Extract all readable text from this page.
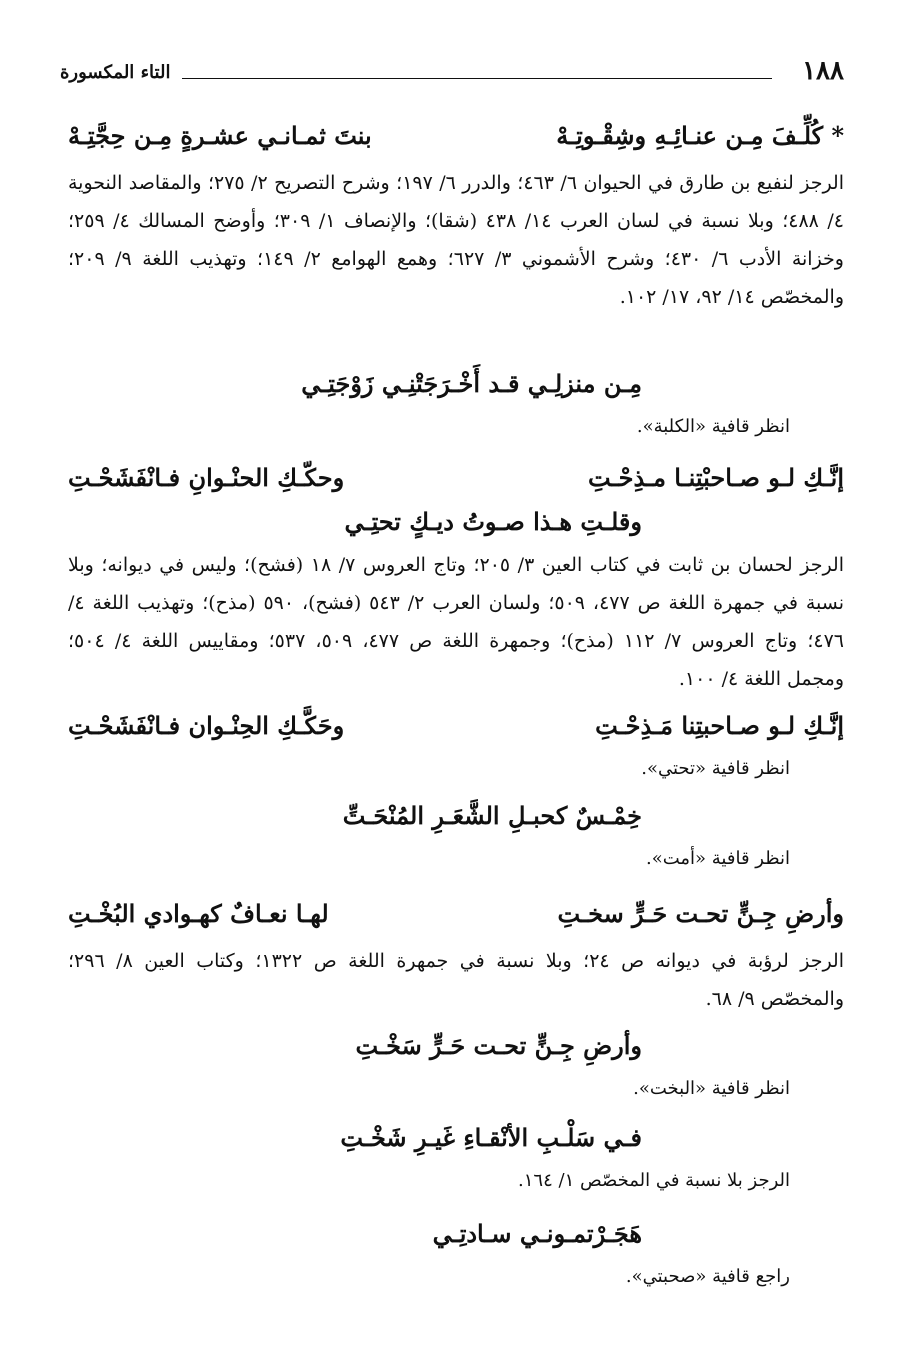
١٨٨
التاء المكسورة
* كُلِّـفَ مِـن عنـائِـهِ وشِقْـوتِـهْ
بنتَ ثمـانـي عشـرةٍ مِـن حِجَّتِـهْ
الرجز لنفيع بن طارق في الحيوان ٦/ ٤٦٣؛ والدرر ٦/ ١٩٧؛ وشرح التصريح ٢/ ٢٧٥؛ والمقاصد النحوية ٤/ ٤٨٨؛ وبلا نسبة في لسان العرب ١٤/ ٤٣٨ (شقا)؛ والإنصاف ١/ ٣٠٩؛ وأوضح المسالك ٤/ ٢٥٩؛ وخزانة الأدب ٦/ ٤٣٠؛ وشرح الأشموني ٣/ ٦٢٧؛ وهمع الهوامع ٢/ ١٤٩؛ وتهذيب اللغة ٩/ ٢٠٩؛ والمخصّص ١٤/ ٩٢، ١٧/ ١٠٢.
مِـن منزلِـي قـد أَخْـرَجَتْنِـي زَوْجَتِـي
انظر قافية «الكلبة».
إنَّـكِ لـو صـاحبْتِنـا مـذِحْـتِ
وحكّـكِ الحنْـوانِ فـانْفَشَحْـتِ
وقلـتِ هـذا صـوتُ ديـكٍ تحتِـي
الرجز لحسان بن ثابت في كتاب العين ٣/ ٢٠٥؛ وتاج العروس ٧/ ١٨ (فشح)؛ وليس في ديوانه؛ وبلا نسبة في جمهرة اللغة ص ٤٧٧، ٥٠٩؛ ولسان العرب ٢/ ٥٤٣ (فشح)، ٥٩٠ (مذح)؛ وتهذيب اللغة ٤/ ٤٧٦؛ وتاج العروس ٧/ ١١٢ (مذح)؛ وجمهرة اللغة ص ٤٧٧، ٥٠٩، ٥٣٧؛ ومقاييس اللغة ٤/ ٥٠٤؛ ومجمل اللغة ٤/ ١٠٠.
إنَّـكِ لـو صـاحبتِنا مَـذِحْـتِ
وحَكَّـكِ الحِنْـوان فـانْفَشَحْـتِ
انظر قافية «تحتي».
خِمْـسٌ كحبـلِ الشَّعَـرِ المُنْحَـتِّ
انظر قافية «أمت».
وأرضِ جِـنٍّ تحـت حَـرٍّ سخـتِ
لهـا نعـافٌ كهـوادي البُخْـتِ
الرجز لرؤبة في ديوانه ص ٢٤؛ وبلا نسبة في جمهرة اللغة ص ١٣٢٢؛ وكتاب العين ٨/ ٢٩٦؛ والمخصّص ٩/ ٦٨.
وأرضِ جِـنٍّ تحـت حَـرٍّ سَخْـتِ
انظر قافية «البخت».
فـي سَلْـبِ الأنْقـاءِ غَيـرِ شَخْـتِ
الرجز بلا نسبة في المخصّص ١/ ١٦٤.
هَجَـرْتمـونـي سـادتِـي
راجع قافية «صحبتي».
